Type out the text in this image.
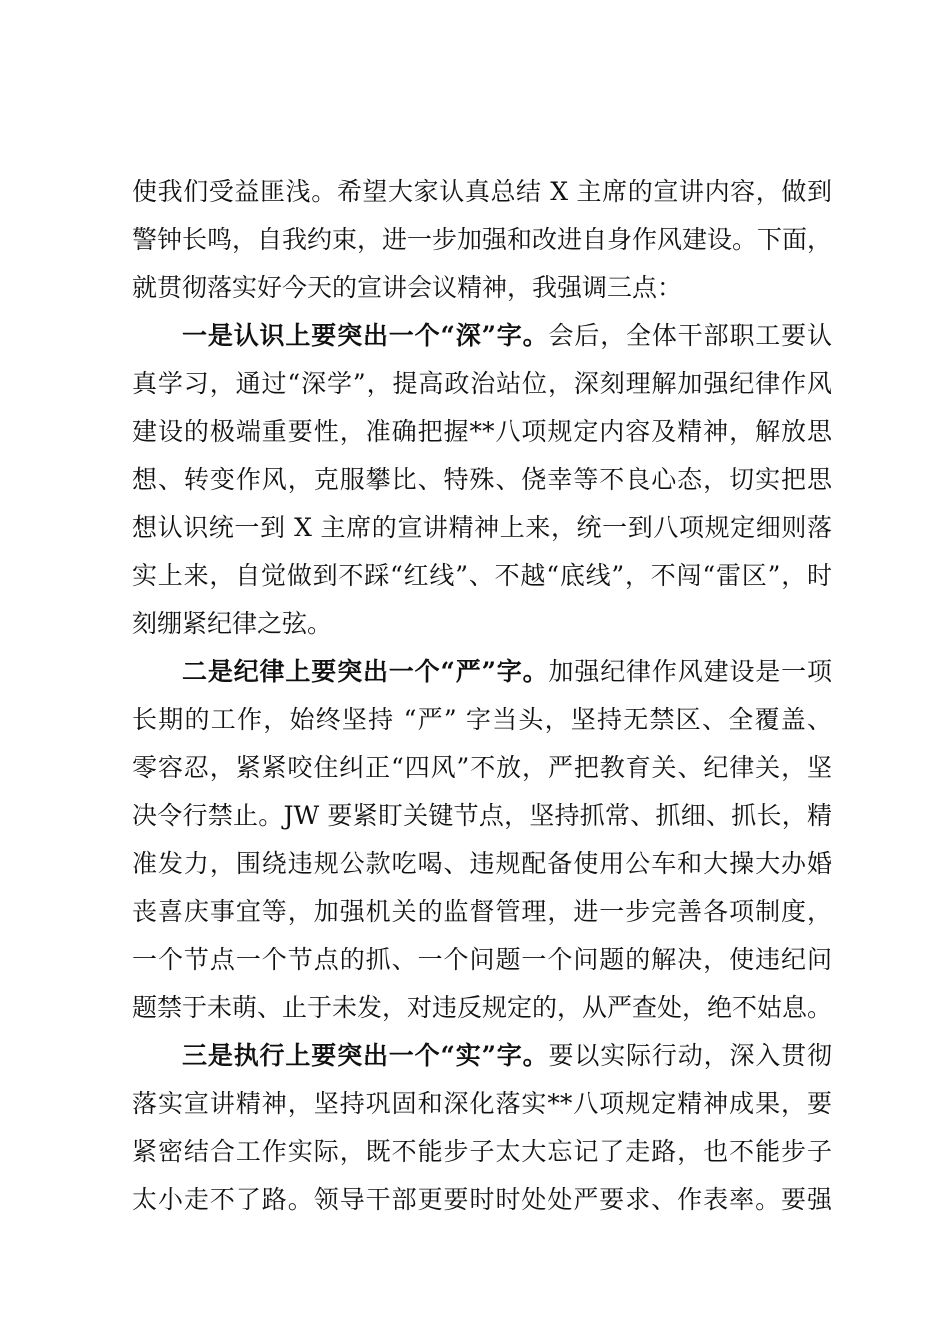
使我们受益匪浅。希望大家认真总结 X 主席的宣讲内容，做到
警钟长鸣，自我约束，进一步加强和改进自身作风建设。下面，
就贯彻落实好今天的宣讲会议精神，我强调三点：
一是认识上要突出一个“深”字。会后，全体干部职工要认
真学习，通过“深学”，提高政治站位，深刻理解加强纪律作风
建设的极端重要性，准确把握**八项规定内容及精神，解放思
想、转变作风，克服攀比、特殊、侥幸等不良心态，切实把思
想认识统一到 X 主席的宣讲精神上来，统一到八项规定细则落
实上来，自觉做到不踩“红线”、不越“底线”，不闯“雷区”，时
刻绷紧纪律之弦。
二是纪律上要突出一个“严”字。加强纪律作风建设是一项
长期的工作，始终坚持 “严” 字当头，坚持无禁区、全覆盖、
零容忍，紧紧咬住纠正“四风”不放，严把教育关、纪律关，坚
决令行禁止。JW 要紧盯关键节点，坚持抓常、抓细、抓长，精
准发力，围绕违规公款吃喝、违规配备使用公车和大操大办婚
丧喜庆事宜等，加强机关的监督管理，进一步完善各项制度，
一个节点一个节点的抓、一个问题一个问题的解决，使违纪问
题禁于未萌、止于未发，对违反规定的，从严查处，绝不姑息。
三是执行上要突出一个“实”字。要以实际行动，深入贯彻
落实宣讲精神，坚持巩固和深化落实**八项规定精神成果，要
紧密结合工作实际，既不能步子太大忘记了走路，也不能步子
太小走不了路。领导干部更要时时处处严要求、作表率。要强
